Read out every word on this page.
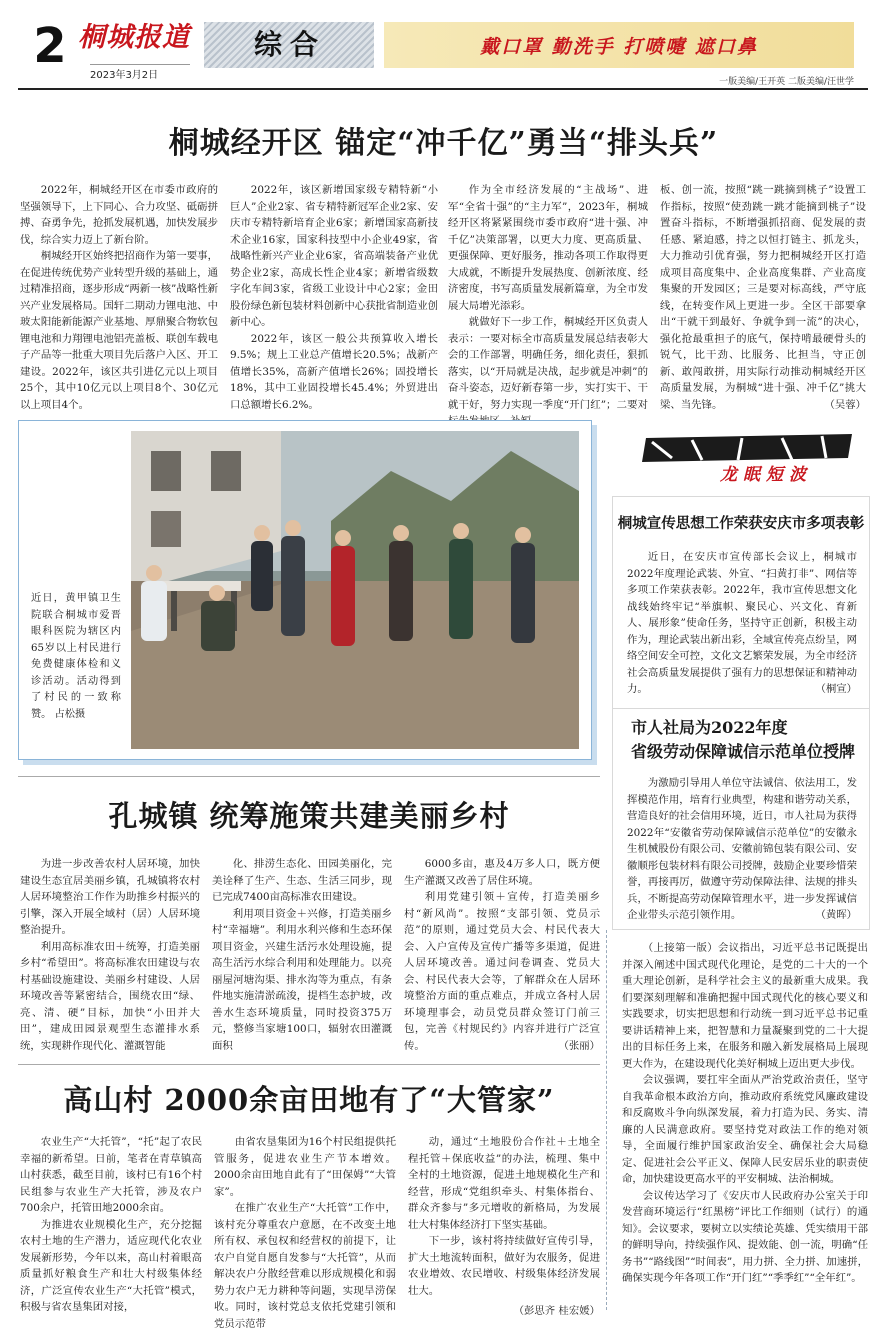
2 桐城报道
2023年3月2日
综合	戴口罩 勤洗手 打喷嚏 遮口鼻
一版美编/王开英 二版美编/汪世学
桐城经开区 锚定“冲千亿”勇当“排头兵”

2022年，桐城经开区在市委市政府的坚强领导下，上下同心、合力攻坚、砥砺拼搏、奋勇争先，抢抓发展机遇，加快发展步伐，综合实力迈上了新台阶。

桐城经开区始终把招商作为第一要事，在促进传统优势产业转型升级的基础上，通过精准招商，逐步形成“两新一核”战略性新兴产业发展格局。国轩二期动力锂电池、中玻太阳能新能源产业基地、厚鼎聚合物软包锂电池和力翔锂电池铝壳盖板、联创车载电子产品等一批重大项目先后落户入区、开工建设。2022年，该区共引进亿元以上项目25个，其中10亿元以上项目8个、30亿元以上项目4个。

2022年，该区新增国家级专精特新“小巨人”企业2家、省专精特新冠军企业2家、安庆市专精特新培育企业6家；新增国家高新技术企业16家，国家科技型中小企业49家，省战略性新兴产业企业6家，省高端装备产业优势企业2家，高成长性企业4家；新增省级数字化车间3家，省级工业设计中心2家；金田股份绿色新包装材料创新中心获批省制造业创新中心。

2022年，该区一般公共预算收入增长9.5%；规上工业总产值增长20.5%；战新产值增长35%，高新产值增长26%；固投增长18%，其中工业固投增长45.4%；外贸进出口总额增长6.2%。

作为全市经济发展的“主战场”、进军“全省十强”的“主力军”，2023年，桐城经开区将紧紧围绕市委市政府“进十强、冲千亿”决策部署，以更大力度、更高质量、更强保障、更好服务，推动各项工作取得更大成就，不断提升发展热度、创新浓度、经济密度，书写高质量发展新篇章，为全市发展大局增光添彩。

就做好下一步工作，桐城经开区负责人表示：一要对标全市高质量发展总结表彰大会的工作部署，明确任务，细化责任，狠抓落实，以“开局就是决战，起步就是冲刺”的奋斗姿态，迈好新春第一步，实打实干、干就干好，努力实现一季度“开门红”；二要对

板、创一流，按照“跳一跳摘到桃子”设置工作指标，按照“使劲跳一跳才能摘到桃子”设置奋斗指标，不断增强抓招商、促发展的责任感、紧迫感，持之以恒打链主、抓龙头，大力推动引优育强，努力把桐城经开区打造成项目高度集中、企业高度集群、产业高度集聚的开发园区；三是要对标高线，严守底线，在转变作风上更进一步。全区干部要拿出“干就干到最好、争就争到一流”的决心，强化抢最重担子的底气，保持啃最硬骨头的锐气，比干劲、比服务、比担当，守正创新、敢闯敢拼，用实际行动推动桐城经开区高质量发展，为桐城“进十强、冲千亿”挑大梁、当先锋。	（吴蓉）
近日，黄甲镇卫生院联合桐城市爱晋眼科医院为辖区内65岁以上村民进行免费健康体检和义诊活动。活动得到了村民的一致称赞。 占松摄
龙眠短波
桐城宣传思想工作荣获安庆市多项表彰

近日，在安庆市宣传部长会议上，桐城市2022年度理论武装、外宣、“扫黄打非”、网信等多项工作荣获表彰。2022年，我市宣传思想文化战线始终牢记“举旗帜、聚民心、兴文化、育新人、展形象”使命任务，坚持守正创新，积极主动作为，理论武装出新出彩，全域宣传亮点纷呈，网络空间安全可控，文化文艺繁荣发展，为全市经济社会高质量发展提供了强有力的思想保证和精神动力。	（桐宣）

市人社局为2022年度
省级劳动保障诚信示范单位授牌

为激励引导用人单位守法诚信、依法用工，发挥模范作用，培育行业典型，构建和谐劳动关系，营造良好的社会信用环境，近日，市人社局为获得2022年“安徽省劳动保障诚信示范单位”的安徽永生机械股份有限公司、安徽前锦包装有限公司、安徽顺彤包装材料有限公司授牌，鼓励企业要珍惜荣誉，再接再厉，做遵守劳动保障法律、法规的排头兵，不断提高劳动保障管理水平，进一步发挥诚信企业带头示范引领作用。	（黄晖）

（上接第一版）会议指出，习近平总书记既提出并深入阐述中国式现代化理论，是党的二十大的一个重大理论创新，是科学社会主义的最新重大成果。我们要深刻理解和准确把握中国式现代化的核心要义和实践要求，切实把思想和行动统一到习近平总书记重要讲话精神上来，把智慧和力量凝聚到党的二十大提出的目标任务上来，在服务和融入新发展格局上展现更大作为，在建设现代化美好桐城上迈出更大步伐。

会议强调，要扛牢全面从严治党政治责任，坚守自我革命根本政治方向，推动政府系统党风廉政建设和反腐败斗争向纵深发展，着力打造为民、务实、清廉的人民满意政府。要坚持党对政法工作的绝对领导，全面履行维护国家政治安全、确保社会大局稳定、促进社会公平正义、保障人民安居乐业的职责使命，加快建设更高水平的平安桐城、法治桐城。

会议传达学习了《安庆市人民政府办公室关于印发营商环境运行“红黑榜”评比工作细则（试行）的通知》。会议要求，要树立以实绩论英雄、凭实绩用干部的鲜明导向，持续强作风、提效能、创一流，明确“任务书”“路线图”“时间表”，用力拼、全力拼、加速拼，确保实现今年各项工作“开门红”“季季红”“全年红”。

孔城镇 统筹施策共建美丽乡村

为进一步改善农村人居环境，加快建设生态宜居美丽乡镇，孔城镇将农村人居环境整治工作作为助推乡村振兴的引擎，深入开展全域村（居）人居环境整治提升。

利用高标准农田＋统筹，打造美丽乡村“希望田”。将高标准农田建设与农村基础设施建设、美丽乡村建设、人居环境改善等紧密结合，围绕农田“绿、亮、清、硬”目标，加快“小田并大田”，建成田园景观型生态灌排水系统，实现耕作现代化、灌溉智能

化、排涝生态化、田园美丽化，完美诠释了生产、生态、生活三同步，现已完成7400亩高标准农田建设。

利用项目资金＋兴修，打造美丽乡村“幸福塘”。利用水利兴修和生态环保项目资金，兴建生活污水处理设施，提高生活污水综合利用和处理能力。以亮丽屋河塘沟渠、排水沟等为重点，有条件地实施清淤疏浚，提档生态护坡，改善水生态环境质量，同时投资375万元，整修当家塘100口，辐射农田灌溉面积

6000多亩，惠及4万多人口，既方便生产灌溉又改善了居住环境。

利用党建引领＋宣传，打造美丽乡村“新风尚”。按照“支部引领、党员示范”的原则，通过党员大会、村民代表大会、入户宣传及宣传广播等多渠道，促进人居环境改善。通过问卷调查、党员大会、村民代表大会等，了解群众在人居环境整治方面的重点难点，并成立各村人居环境理事会，动员党员群众签订门前三包，完善《村规民约》内容并进行广泛宣传。	（张丽）

高山村 2000余亩田地有了“大管家”

农业生产“大托管”，“托”起了农民幸福的新希望。日前，笔者在青草镇高山村获悉，截至目前，该村已有16个村民组参与农业生产大托管，涉及农户700余户，托管田地2000余亩。

为推进农业规模化生产，充分挖掘农村土地的生产潜力，适应现代化农业发展新形势，今年以来，高山村着眼高质量抓好粮食生产和壮大村级集体经济，广泛宣传农业生产“大托管”模式，积极与省农垦集团对接，

由省农垦集团为16个村民组提供托管服务，促进农业生产节本增效。2000余亩田地自此有了“田保姆”“大管家”。

在推广农业生产“大托管”工作中，该村充分尊重农户意愿，在不改变土地所有权、承包权和经营权的前提下，让农户自觉自愿自发参与“大托管”，从而解决农户分散经营难以形成规模化和弱势力农户无力耕种等问题，实现旱涝保收。同时，该村党总支依托党建引领和党员示范带

动，通过“土地股份合作社＋土地全程托管＋保底收益”的办法，梳理、集中全村的土地资源，促进土地规模化生产和经营，形成“党组织牵头、村集体指台、群众齐参与”多元增收的新格局，为发展壮大村集体经济打下坚实基础。

下一步，该村将持续做好宣传引导，扩大土地流转面积，做好为农服务，促进农业增效、农民增收、村级集体经济发展壮大。

（彭思齐 桂宏媛）
